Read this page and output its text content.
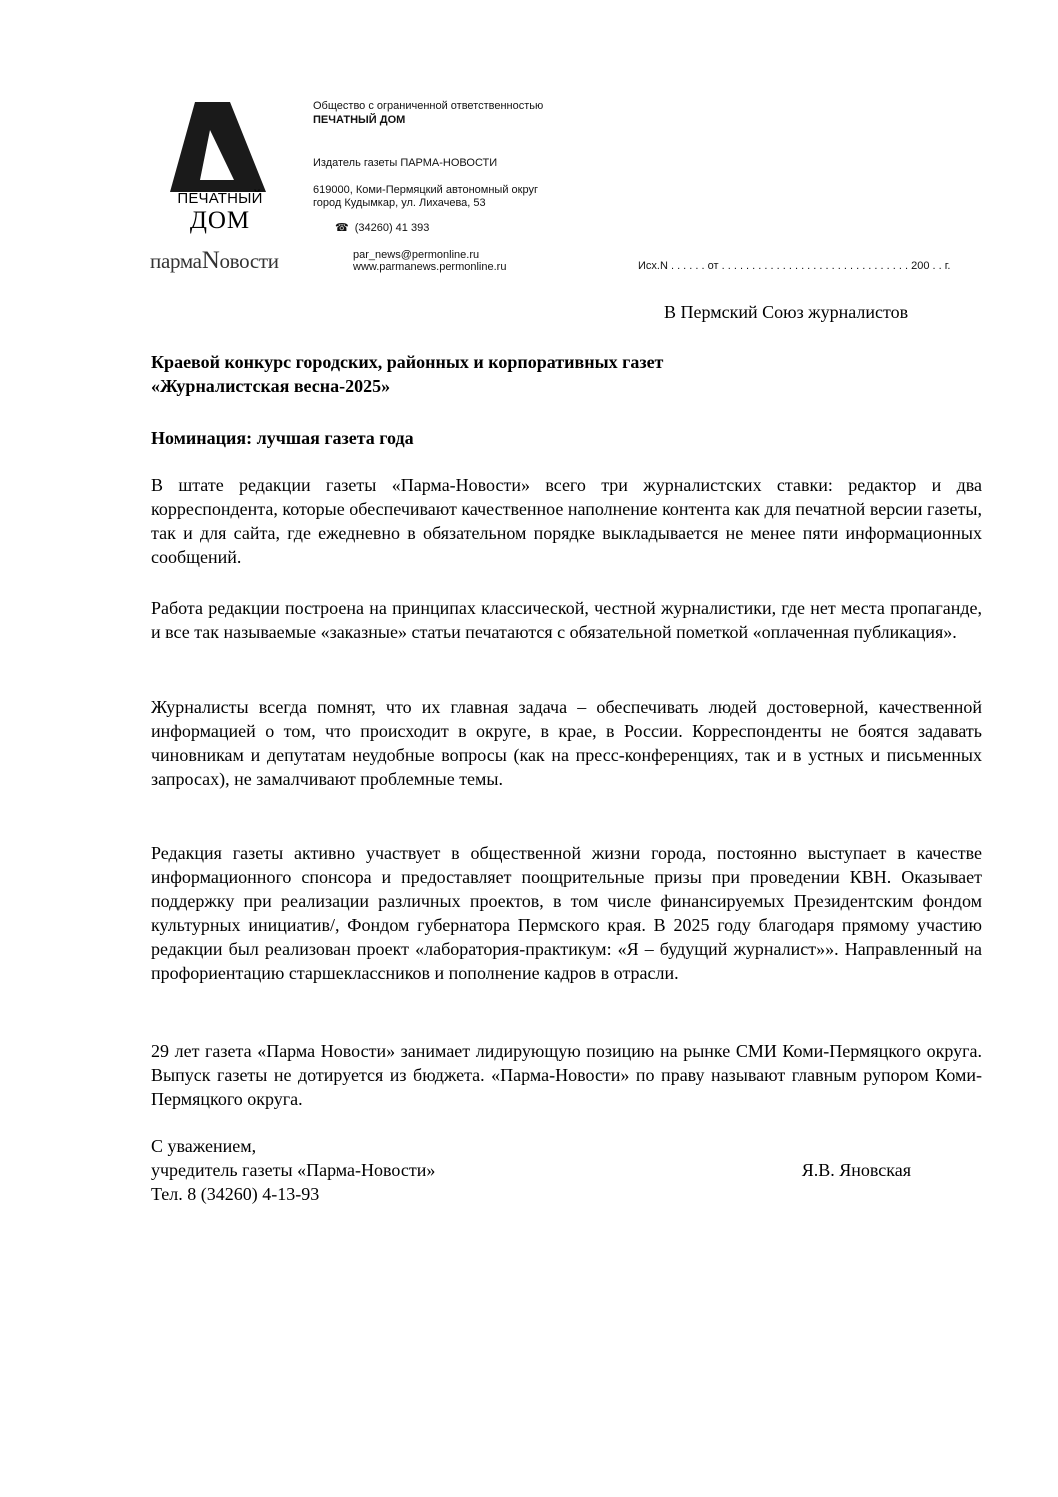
ПЕЧАТНЫЙ
ДОМ
пармаNовости
Общество с ограниченной ответственностью
ПЕЧАТНЫЙ ДОМ
Издатель газеты ПАРМА-НОВОСТИ
619000, Коми-Пермяцкий автономный округ
город Кудымкар, ул. Лихачева, 53
☎ (34260) 41 393
par_news@permonline.ru
www.parmanews.permonline.ru	Исх.N . . . . . . от . . . . . . . . . . . . . . . . . . . . . . . . . . . . . . . 200 . . г.
В Пермский Союз журналистов
Краевой конкурс городских, районных и корпоративных газет
«Журналистская весна-2025»
Номинация: лучшая газета года
В штате редакции газеты «Парма-Новости» всего три журналистских ставки: редактор и два корреспондента, которые обеспечивают качественное наполнение контента как для печатной версии газеты, так и для сайта, где ежедневно в обязательном порядке выкладывается не менее пяти информационных сообщений.
Работа редакции построена на принципах классической, честной журналистики, где нет места пропаганде, и все так называемые «заказные» статьи печатаются с обязательной пометкой «оплаченная публикация».
Журналисты всегда помнят, что их главная задача – обеспечивать людей достоверной, качественной информацией о том, что происходит в округе, в крае, в России. Корреспонденты не боятся задавать чиновникам и депутатам неудобные вопросы (как на пресс-конференциях, так и в устных и письменных запросах), не замалчивают проблемные темы.
Редакция газеты активно участвует в общественной жизни города, постоянно выступает в качестве информационного спонсора и предоставляет поощрительные призы при проведении КВН. Оказывает поддержку при реализации различных проектов, в том числе финансируемых Президентским фондом культурных инициатив/, Фондом губернатора Пермского края. В 2025 году благодаря прямому участию редакции был реализован проект «лаборатория-практикум: «Я – будущий журналист»». Направленный на профориентацию старшеклассников и пополнение кадров в отрасли.
29 лет газета «Парма Новости» занимает лидирующую позицию на рынке СМИ Коми-Пермяцкого округа. Выпуск газеты не дотируется из бюджета. «Парма-Новости» по праву называют главным рупором Коми-Пермяцкого округа.
С уважением,
учредитель газеты «Парма-Новости»	Я.В. Яновская
Тел. 8 (34260) 4-13-93
